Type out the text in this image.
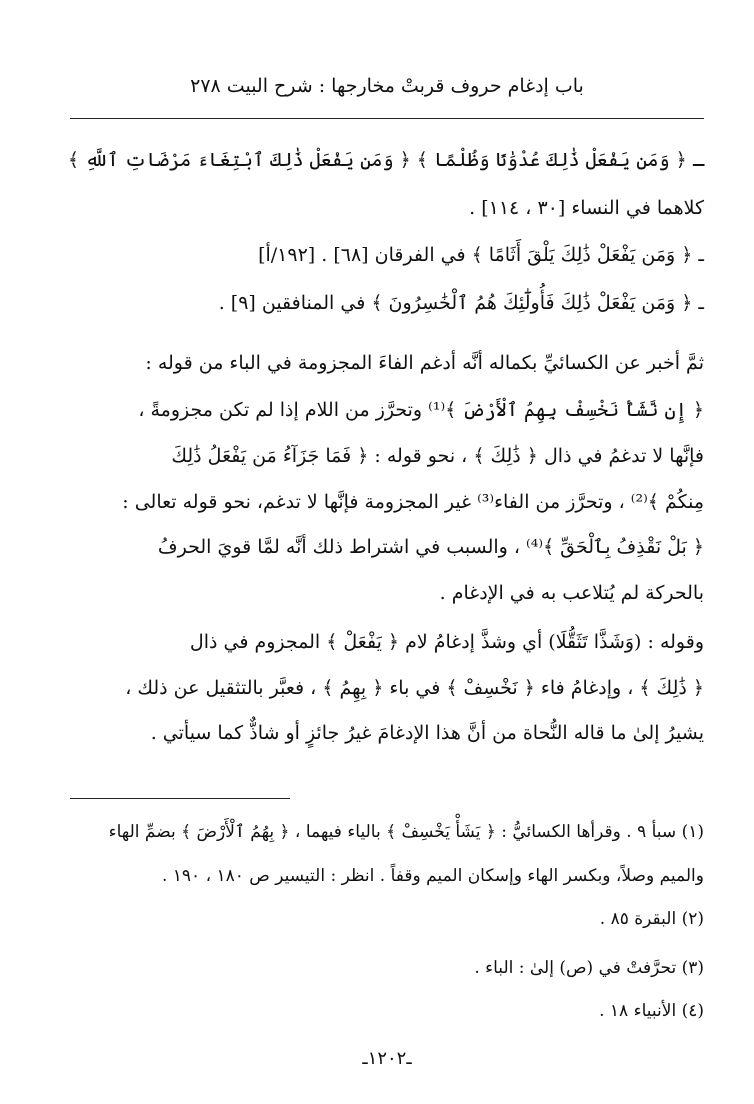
باب إدغام حروف قربتْ مخارجها : شرح البيت ٢٧٨

ـ ﴿ وَمَن يَفْعَلْ ذَٰلِكَ عُدْوَٰنًا وَظُلْمًا ﴾ ﴿ وَمَن يَفْعَلْ ذَٰلِكَ ٱبْتِغَاءَ مَرْضَاتِ ٱللَّهِ ﴾

كلاهما في النساء [٣٠ ، ١١٤] .

ـ ﴿ وَمَن يَفْعَلْ ذَٰلِكَ يَلْقَ أَثَامًا ﴾ في الفرقان [٦٨] . [١٩٢/أ]

ـ ﴿ وَمَن يَفْعَلْ ذَٰلِكَ فَأُولَٰٓئِكَ هُمُ ٱلْخَٰسِرُونَ ﴾ في المنافقين [٩] .

ثمَّ أخبر عن الكسائيِّ بكماله أنَّه أدغم الفاءَ المجزومة في الباء من قوله :

﴿ إِن نَّشَأْ نَخْسِفْ بِهِمُ ٱلْأَرْضَ ﴾⁽¹⁾ وتحرَّز من اللام إذا لم تكن مجزومةً ،

فإنَّها لا تدغمُ في ذال ﴿ ذَٰلِكَ ﴾ ، نحو قوله : ﴿ فَمَا جَزَآءُ مَن يَفْعَلُ ذَٰلِكَ

مِنكُمْ ﴾⁽²⁾ ، وتحرَّز من الفاء⁽³⁾ غير المجزومة فإنَّها لا تدغم، نحو قوله تعالى :

﴿ بَلْ نَقْذِفُ بِٱلْحَقِّ ﴾⁽⁴⁾ ، والسبب في اشتراط ذلك أنَّه لمَّا قويَ الحرفُ

بالحركة لم يُتلاعب به في الإدغام .

وقوله : (وَشَذَّا تَثَقُّلَا) أي وشذَّ إدغامُ لام ﴿ يَفْعَلْ ﴾ المجزوم في ذال

﴿ ذَٰلِكَ ﴾ ، وإدغامُ فاء ﴿ نَخْسِفْ ﴾ في باء ﴿ بِهِمُ ﴾ ، فعبَّر بالتثقيل عن ذلك ،

يشيرُ إلىٰ ما قاله النُّحاة من أنَّ هذا الإدغامَ غيرُ جائزٍ أو شاذٌّ كما سيأتي .

(١) سبأ ٩ . وقرأها الكسائيُّ : ﴿ يَشَأْ يَخْسِفْ ﴾ بالياء فيهما ، ﴿ بِهُمُ ٱلْأَرْضَ ﴾ بضمِّ الهاء

والميم وصلاً، وبكسر الهاء وإسكان الميم وقفاً . انظر : التيسير ص ١٨٠ ، ١٩٠ .

(٢) البقرة ٨٥ .

(٣) تحرَّفتْ في (ص) إلىٰ : الباء .

(٤) الأنبياء ١٨ .

ـ١٢٠٢ـ
